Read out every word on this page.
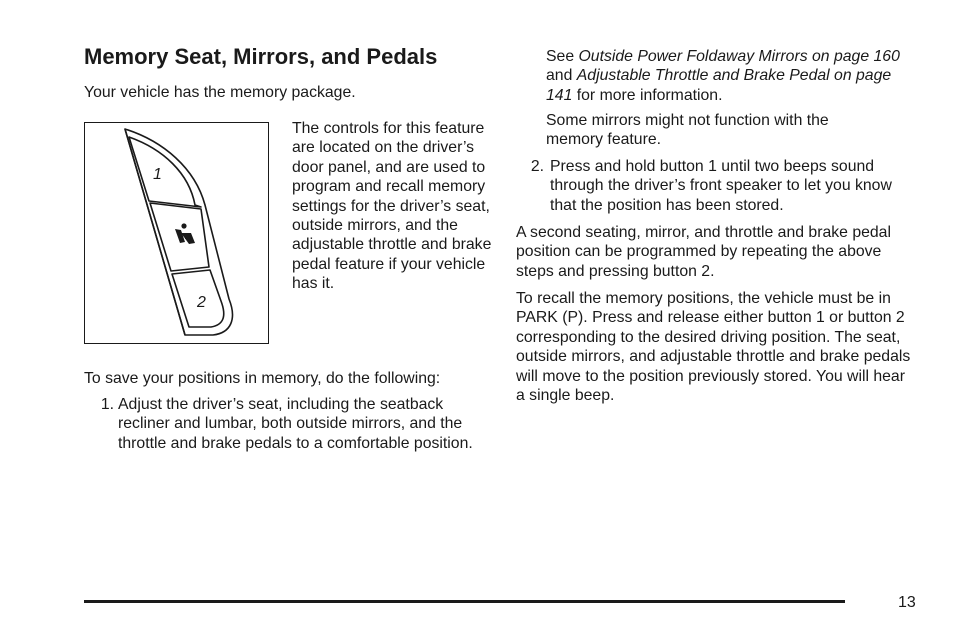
Memory Seat, Mirrors, and Pedals
Your vehicle has the memory package.
1
2
The controls for this feature are located on the driver’s door panel, and are used to program and recall memory settings for the driver’s seat, outside mirrors, and the adjustable throttle and brake pedal feature if your vehicle has it.
To save your positions in memory, do the following:
1. Adjust the driver’s seat, including the seatback recliner and lumbar, both outside mirrors, and the throttle and brake pedals to a comfortable position.
See Outside Power Foldaway Mirrors on page 160 and Adjustable Throttle and Brake Pedal on page 141 for more information.
Some mirrors might not function with the memory feature.
2. Press and hold button 1 until two beeps sound through the driver’s front speaker to let you know that the position has been stored.
A second seating, mirror, and throttle and brake pedal position can be programmed by repeating the above steps and pressing button 2.
To recall the memory positions, the vehicle must be in PARK (P). Press and release either button 1 or button 2 corresponding to the desired driving position. The seat, outside mirrors, and adjustable throttle and brake pedals will move to the position previously stored. You will hear a single beep.
13
